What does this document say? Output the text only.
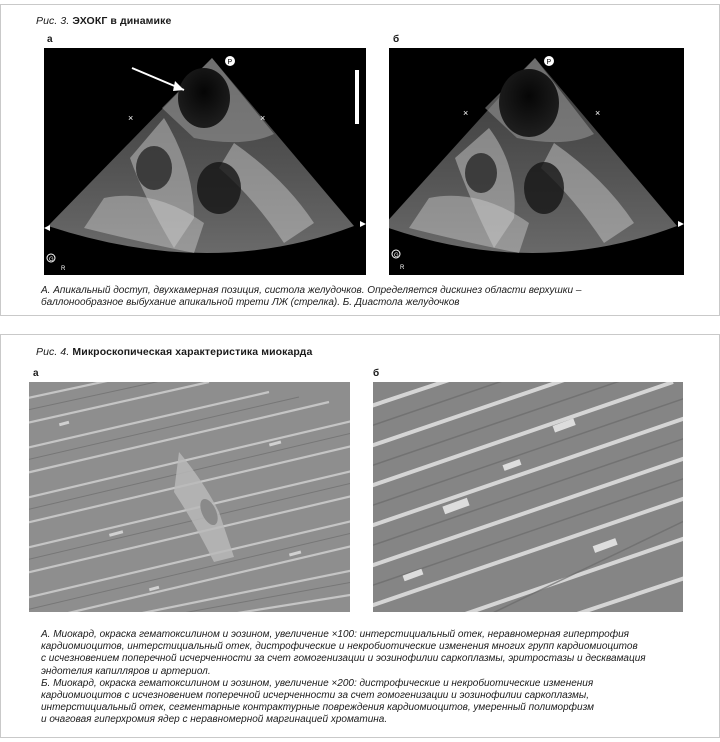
Рис. 3. ЭХОКГ в динамике
а	б
P
×	×
G
R
P
×	×
G
R
А. Апикальный доступ, двухкамерная позиция, систола желудочков. Определяется дискинез области верхушки –
баллонообразное выбухание апикальной трети ЛЖ (стрелка). Б. Диастола желудочков
Рис. 4. Микроскопическая характеристика миокарда
а	б
А. Миокард, окраска гематоксилином и эозином, увеличение ×100: интерстициальный отек, неравномерная гипертрофия
кардиомиоцитов, интерстициальный отек, дистрофические и некробиотические изменения многих групп кардиомиоцитов
с исчезновением поперечной исчерченности за счет гомогенизации и эозинофилии саркоплазмы, эритростазы и десквамация
эндотелия капилляров и артериол.
Б. Миокард, окраска гематоксилином и эозином, увеличение ×200: дистрофические и некробиотические изменения
кардиомиоцитов с исчезновением поперечной исчерченности за счет гомогенизации и эозинофилии саркоплазмы,
интерстициальный отек, сегментарные контрактурные повреждения кардиомиоцитов, умеренный полиморфизм
и очаговая гиперхромия ядер с неравномерной маргинацией хроматина.
